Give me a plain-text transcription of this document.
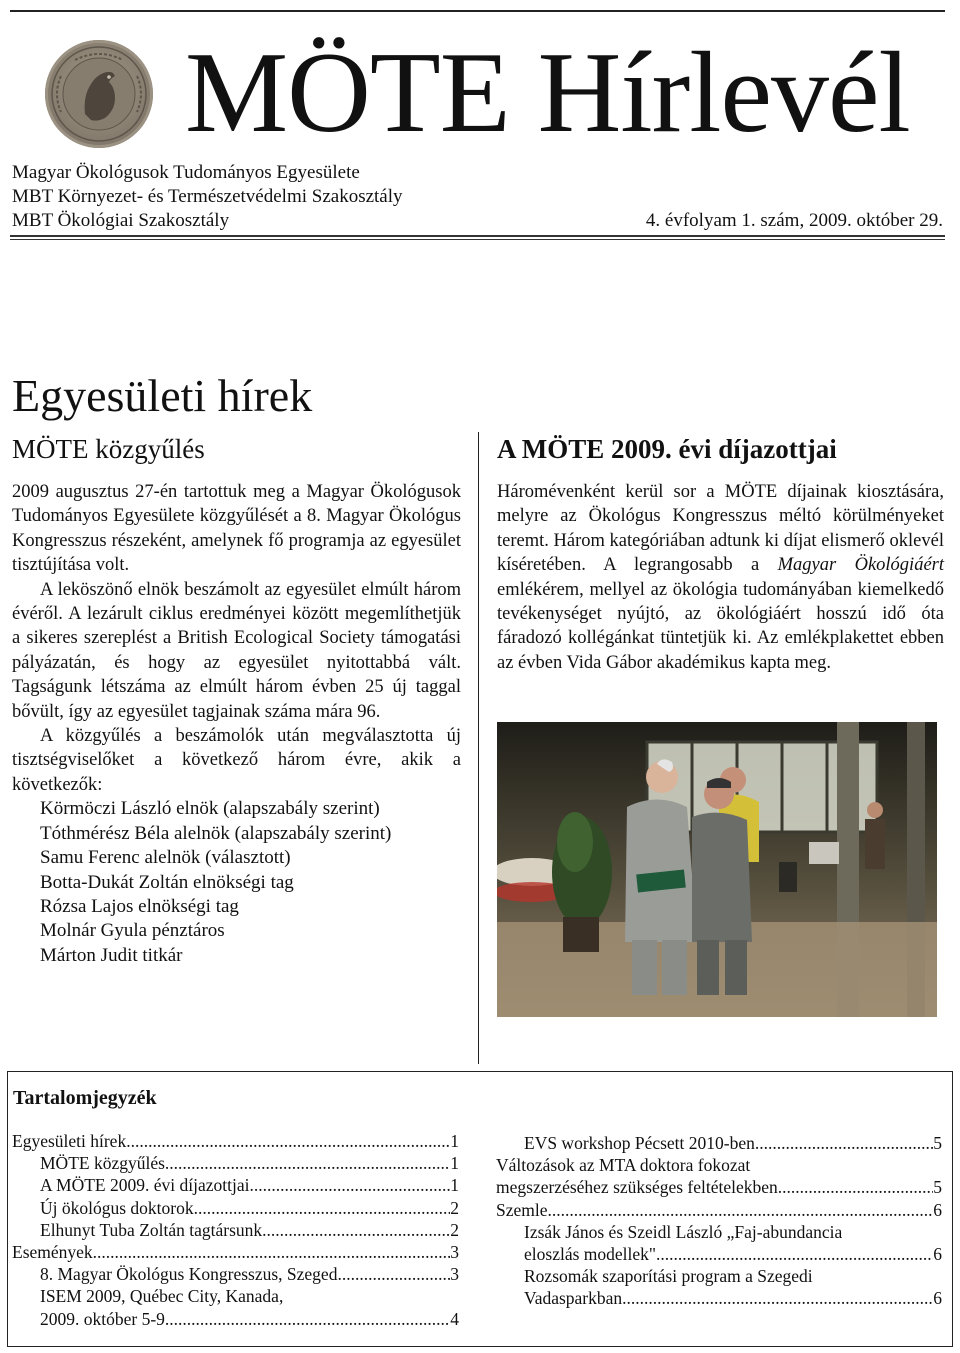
MÖTE Hírlevél
Magyar Ökológusok Tudományos Egyesülete
MBT Környezet- és Természetvédelmi Szakosztály
MBT Ökológiai Szakosztály	4. évfolyam 1. szám, 2009. október 29.
Egyesületi hírek
MÖTE közgyűlés

2009 augusztus 27-én tartottuk meg a Magyar Ökológusok Tudományos Egyesülete közgyűlését a 8. Magyar Ökológus Kongresszus részeként, amelynek fő programja az egyesület tisztújítása volt.

A leköszönő elnök beszámolt az egyesület elmúlt három évéről. A lezárult ciklus eredményei között megemlíthetjük a sikeres szereplést a British Ecological Society támogatási pályázatán, és hogy az egyesület nyitottabbá vált. Tagságunk létszáma az elmúlt három évben 25 új taggal bővült, így az egyesület tagjainak száma mára 96.

A közgyűlés a beszámolók után megválasztotta új tisztségviselőket a következő három évre, akik a következők:

Körmöczi László elnök (alapszabály szerint)
Tóthmérész Béla alelnök (alapszabály szerint)
Samu Ferenc alelnök (választott)
Botta-Dukát Zoltán elnökségi tag
Rózsa Lajos elnökségi tag
Molnár Gyula pénztáros
Márton Judit titkár
A MÖTE 2009. évi díjazottjai

Háromévenként kerül sor a MÖTE díjainak kiosztására, melyre az Ökológus Kongresszus méltó körülményeket teremt. Három kategóriában adtunk ki díjat elismerő oklevél kíséretében. A legrangosabb a Magyar Ökológiáért emlékérem, mellyel az ökológia tudományában kiemelkedő tevékenységet nyújtó, az ökológiáért hosszú idő óta fáradozó kollégánkat tüntetjük ki. Az emlékplakettet ebben az évben Vida Gábor akadémikus kapta meg.

Tartalomjegyzék
Egyesületi hírek .....	1
MÖTE közgyűlés .....	1
A MÖTE 2009. évi díjazottjai .....	1
Új ökológus doktorok .....	2
Elhunyt Tuba Zoltán tagtársunk .....	2
Események .....	3
8. Magyar Ökológus Kongresszus, Szeged .....	3
ISEM 2009, Québec City, Kanada,
2009. október 5-9. .....	4
EVS workshop Pécsett 2010-ben .....	5
Változások az MTA doktora fokozat
megszerzéséhez szükséges feltételekben .....	5
Szemle .....	6
Izsák János és Szeidl László „Faj-abundancia
eloszlás modellek" .....	6
Rozsomák szaporítási program a Szegedi
Vadasparkban .....	6
